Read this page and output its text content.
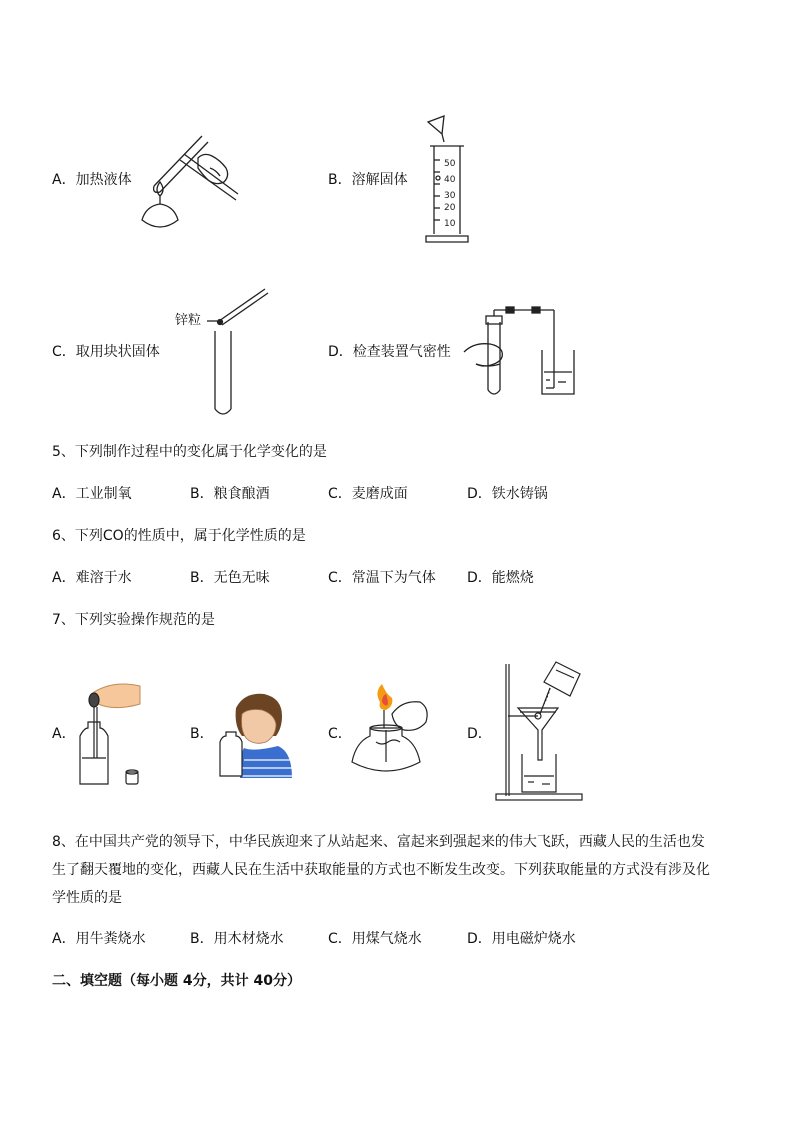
A．加热液体	B．溶解固体
50
40
30
20
10
C．取用块状固体
锌粒
D．检查装置气密性
5、下列制作过程中的变化属于化学变化的是
A．工业制氧	B．粮食酿酒	C．麦磨成面	D．铁水铸锅
6、下列CO的性质中，属于化学性质的是
A．难溶于水	B．无色无味	C．常温下为气体 D．能燃烧
7、下列实验操作规范的是
A．	B．	C．	D．
8、在中国共产党的领导下，中华民族迎来了从站起来、富起来到强起来的伟大飞跃，西藏人民的生活也发
生了翻天覆地的变化，西藏人民在生活中获取能量的方式也不断发生改变。下列获取能量的方式没有涉及化
学性质的是
A．用牛粪烧水	B．用木材烧水	C．用煤气烧水	D．用电磁炉烧水
二、填空题（每小题 4分，共计 40分）
